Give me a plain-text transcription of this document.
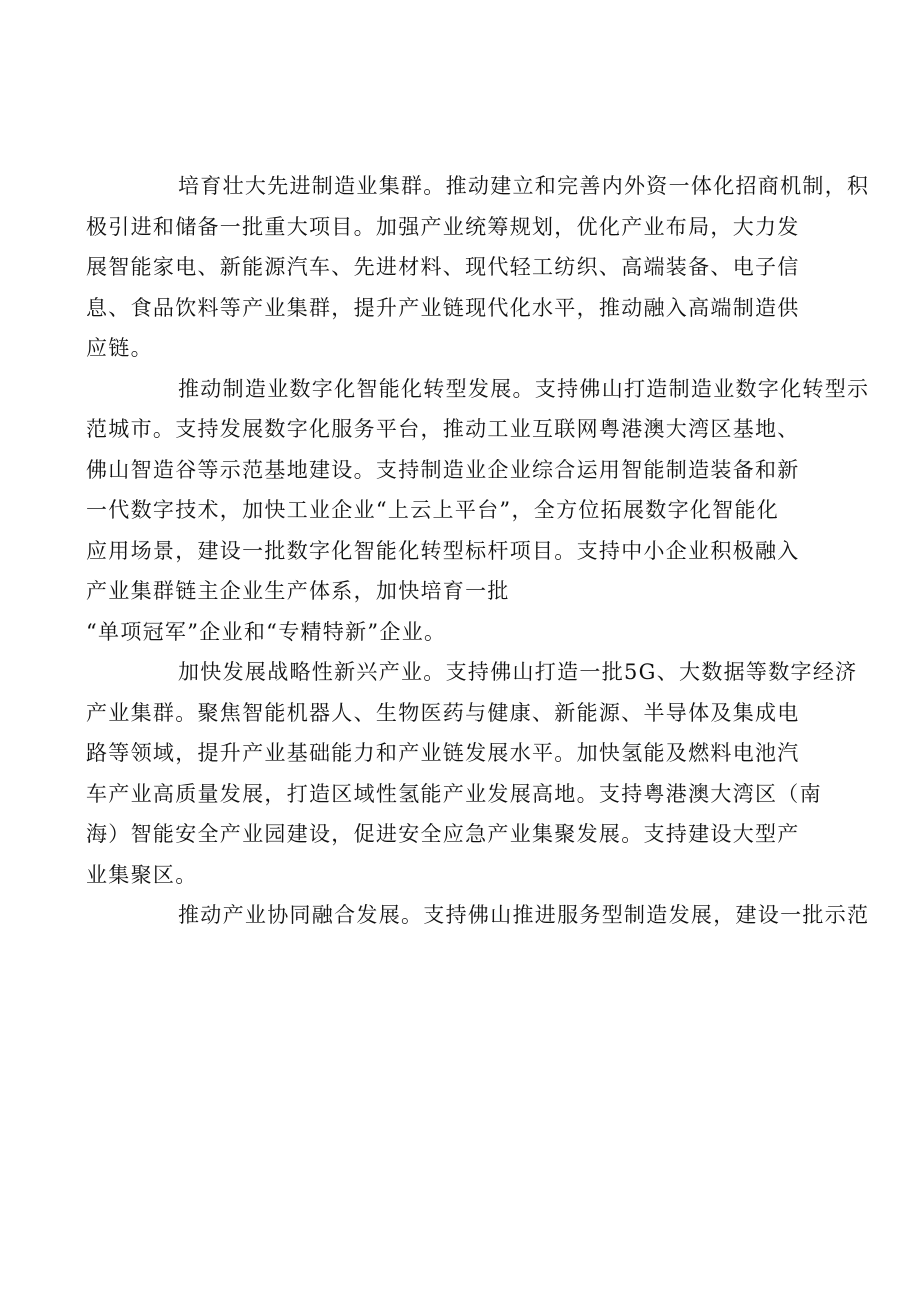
培育壮大先进制造业集群。推动建立和完善内外资一体化招商机制，积
极引进和储备一批重大项目。加强产业统筹规划，优化产业布局，大力发
展智能家电、新能源汽车、先进材料、现代轻工纺织、高端装备、电子信
息、食品饮料等产业集群，提升产业链现代化水平，推动融入高端制造供
应链。
推动制造业数字化智能化转型发展。支持佛山打造制造业数字化转型示
范城市。支持发展数字化服务平台，推动工业互联网粤港澳大湾区基地、
佛山智造谷等示范基地建设。支持制造业企业综合运用智能制造装备和新
一代数字技术，加快工业企业“上云上平台”，全方位拓展数字化智能化
应用场景，建设一批数字化智能化转型标杆项目。支持中小企业积极融入
产业集群链主企业生产体系，加快培育一批
“单项冠军”企业和“专精特新”企业。
加快发展战略性新兴产业。支持佛山打造一批5G、大数据等数字经济
产业集群。聚焦智能机器人、生物医药与健康、新能源、半导体及集成电
路等领域，提升产业基础能力和产业链发展水平。加快氢能及燃料电池汽
车产业高质量发展，打造区域性氢能产业发展高地。支持粤港澳大湾区（南
海）智能安全产业园建设，促进安全应急产业集聚发展。支持建设大型产
业集聚区。
推动产业协同融合发展。支持佛山推进服务型制造发展，建设一批示范
